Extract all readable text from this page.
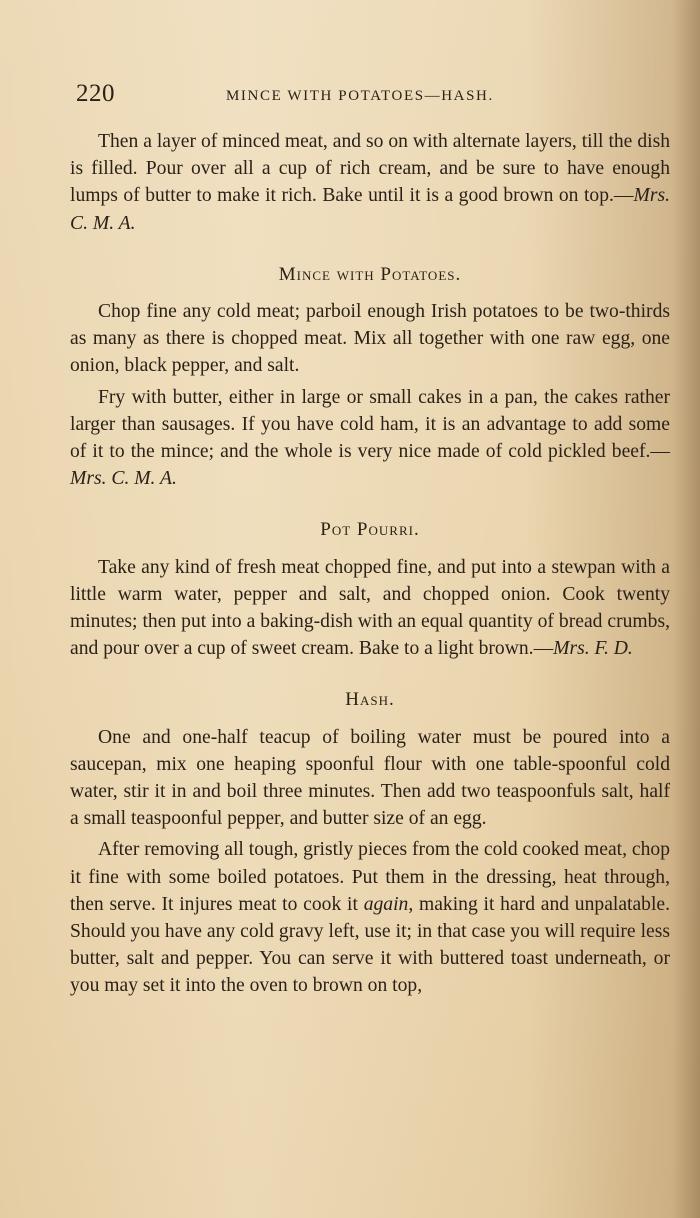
220	MINCE WITH POTATOES—HASH.

Then a layer of minced meat, and so on with alternate layers, till the dish is filled. Pour over all a cup of rich cream, and be sure to have enough lumps of butter to make it rich. Bake until it is a good brown on top.—Mrs. C. M. A.

Mince with Potatoes.

Chop fine any cold meat; parboil enough Irish potatoes to be two-thirds as many as there is chopped meat. Mix all together with one raw egg, one onion, black pepper, and salt.

Fry with butter, either in large or small cakes in a pan, the cakes rather larger than sausages. If you have cold ham, it is an advantage to add some of it to the mince; and the whole is very nice made of cold pickled beef.—Mrs. C. M. A.

Pot Pourri.

Take any kind of fresh meat chopped fine, and put into a stewpan with a little warm water, pepper and salt, and chopped onion. Cook twenty minutes; then put into a baking-dish with an equal quantity of bread crumbs, and pour over a cup of sweet cream. Bake to a light brown.—Mrs. F. D.

Hash.

One and one-half teacup of boiling water must be poured into a saucepan, mix one heaping spoonful flour with one table-spoonful cold water, stir it in and boil three minutes. Then add two teaspoonfuls salt, half a small teaspoonful pepper, and butter size of an egg.

After removing all tough, gristly pieces from the cold cooked meat, chop it fine with some boiled potatoes. Put them in the dressing, heat through, then serve. It injures meat to cook it again, making it hard and unpalatable. Should you have any cold gravy left, use it; in that case you will require less butter, salt and pepper. You can serve it with buttered toast underneath, or you may set it into the oven to brown on top,
